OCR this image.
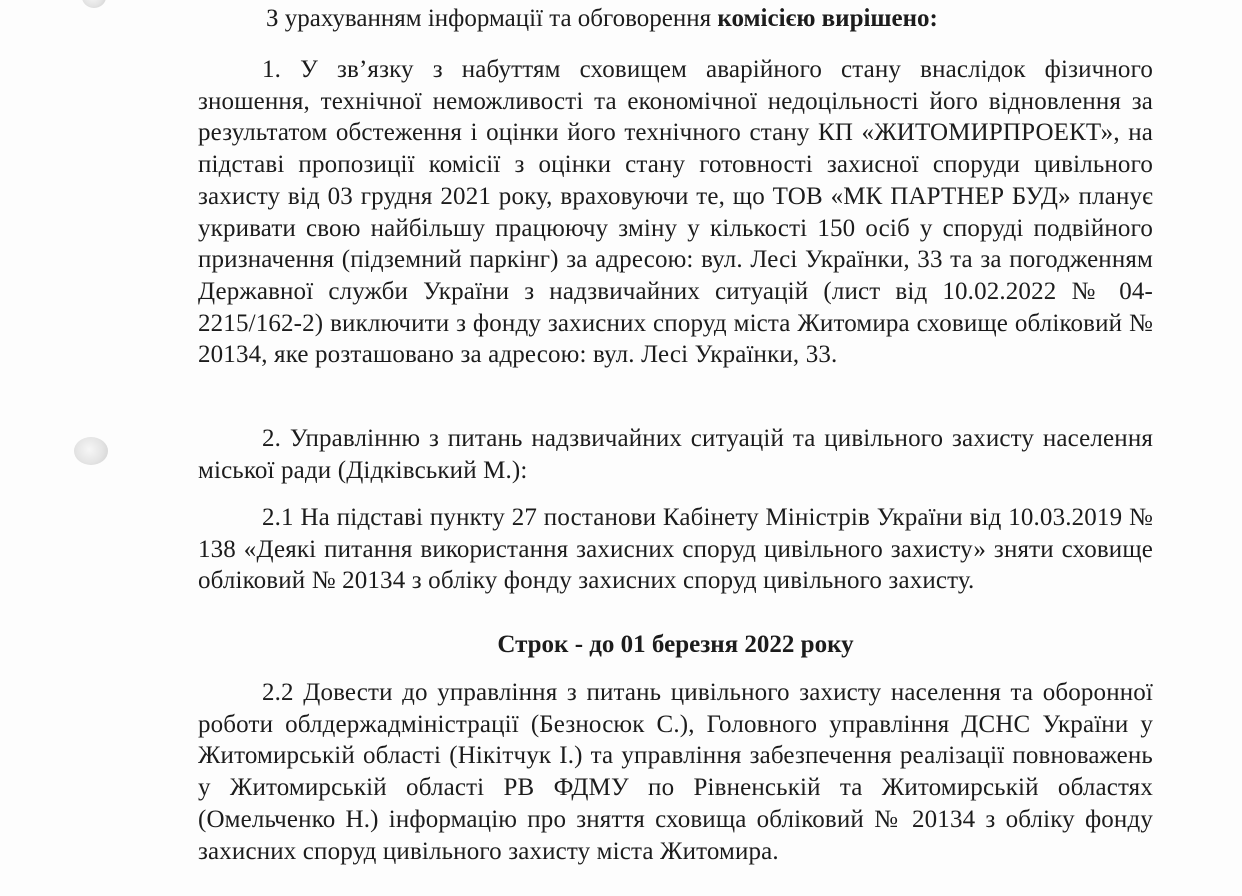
З урахуванням інформації та обговорення комісією вирішено:

1. У зв’язку з набуттям сховищем аварійного стану внаслідок фізичного зношення, технічної неможливості та економічної недоцільності його відновлення за результатом обстеження і оцінки його технічного стану КП «ЖИТОМИРПРОЕКТ», на підставі пропозиції комісії з оцінки стану готовності захисної споруди цивільного захисту від 03 грудня 2021 року, враховуючи те, що ТОВ «МК ПАРТНЕР БУД» планує укривати свою найбільшу працюючу зміну у кількості 150 осіб у споруді подвійного призначення (підземний паркінг) за адресою: вул. Лесі Українки, 33 та за погодженням Державної служби України з надзвичайних ситуацій (лист від 10.02.2022 № 04-2215/162-2) виключити з фонду захисних споруд міста Житомира сховище обліковий № 20134, яке розташовано за адресою: вул. Лесі Українки, 33.

2. Управлінню з питань надзвичайних ситуацій та цивільного захисту населення міської ради (Дідківський М.):

2.1 На підставі пункту 27 постанови Кабінету Міністрів України від 10.03.2019 № 138 «Деякі питання використання захисних споруд цивільного захисту» зняти сховище обліковий № 20134 з обліку фонду захисних споруд цивільного захисту.

Строк - до 01 березня 2022 року

2.2 Довести до управління з питань цивільного захисту населення та оборонної роботи облдержадміністрації (Безносюк С.), Головного управління ДСНС України у Житомирській області (Нікітчук І.) та управління забезпечення реалізації повноважень у Житомирській області РВ ФДМУ по Рівненській та Житомирській областях (Омельченко Н.) інформацію про зняття сховища обліковий № 20134 з обліку фонду захисних споруд цивільного захисту міста Житомира.
